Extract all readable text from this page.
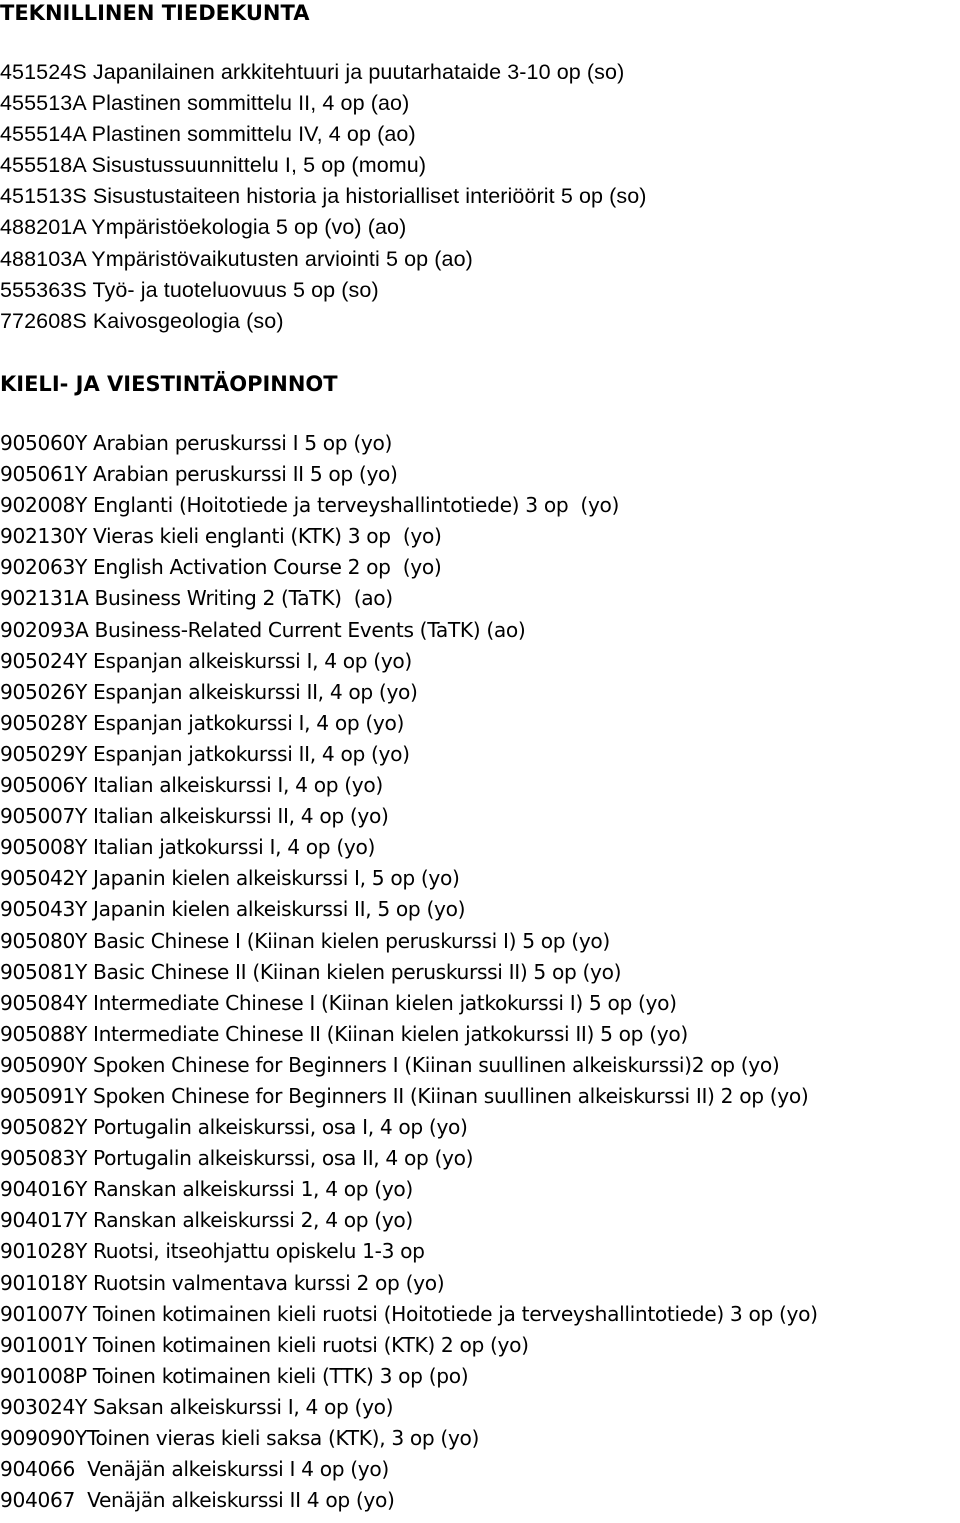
TEKNILLINEN TIEDEKUNTA
451524S Japanilainen arkkitehtuuri ja puutarhataide 3-10 op (so)
455513A Plastinen sommittelu II, 4 op (ao)
455514A Plastinen sommittelu IV, 4 op (ao)
455518A Sisustussuunnittelu I, 5 op (momu)
451513S Sisustustaiteen historia ja historialliset interiöörit 5 op (so)
488201A Ympäristöekologia 5 op (vo) (ao)
488103A Ympäristövaikutusten arviointi 5 op (ao)
555363S Työ- ja tuoteluovuus 5 op (so)
772608S Kaivosgeologia (so)
KIELI- JA VIESTINTÄOPINNOT
905060Y Arabian peruskurssi I 5 op (yo)
905061Y Arabian peruskurssi II 5 op (yo)
902008Y Englanti (Hoitotiede ja terveyshallintotiede) 3 op  (yo)
902130Y Vieras kieli englanti (KTK) 3 op  (yo)
902063Y English Activation Course 2 op  (yo)
902131A Business Writing 2 (TaTK)  (ao)
902093A Business-Related Current Events (TaTK) (ao)
905024Y Espanjan alkeiskurssi I, 4 op (yo)
905026Y Espanjan alkeiskurssi II, 4 op (yo)
905028Y Espanjan jatkokurssi I, 4 op (yo)
905029Y Espanjan jatkokurssi II, 4 op (yo)
905006Y Italian alkeiskurssi I, 4 op (yo)
905007Y Italian alkeiskurssi II, 4 op (yo)
905008Y Italian jatkokurssi I, 4 op (yo)
905042Y Japanin kielen alkeiskurssi I, 5 op (yo)
905043Y Japanin kielen alkeiskurssi II, 5 op (yo)
905080Y Basic Chinese I (Kiinan kielen peruskurssi I) 5 op (yo)
905081Y Basic Chinese II (Kiinan kielen peruskurssi II) 5 op (yo)
905084Y Intermediate Chinese I (Kiinan kielen jatkokurssi I) 5 op (yo)
905088Y Intermediate Chinese II (Kiinan kielen jatkokurssi II) 5 op (yo)
905090Y Spoken Chinese for Beginners I (Kiinan suullinen alkeiskurssi)2 op (yo)
905091Y Spoken Chinese for Beginners II (Kiinan suullinen alkeiskurssi II) 2 op (yo)
905082Y Portugalin alkeiskurssi, osa I, 4 op (yo)
905083Y Portugalin alkeiskurssi, osa II, 4 op (yo)
904016Y Ranskan alkeiskurssi 1, 4 op (yo)
904017Y Ranskan alkeiskurssi 2, 4 op (yo)
901028Y Ruotsi, itseohjattu opiskelu 1-3 op
901018Y Ruotsin valmentava kurssi 2 op (yo)
901007Y Toinen kotimainen kieli ruotsi (Hoitotiede ja terveyshallintotiede) 3 op (yo)
901001Y Toinen kotimainen kieli ruotsi (KTK) 2 op (yo)
901008P Toinen kotimainen kieli (TTK) 3 op (po)
903024Y Saksan alkeiskurssi I, 4 op (yo)
909090YToinen vieras kieli saksa (KTK), 3 op (yo)
904066  Venäjän alkeiskurssi I 4 op (yo)
904067  Venäjän alkeiskurssi II 4 op (yo)
